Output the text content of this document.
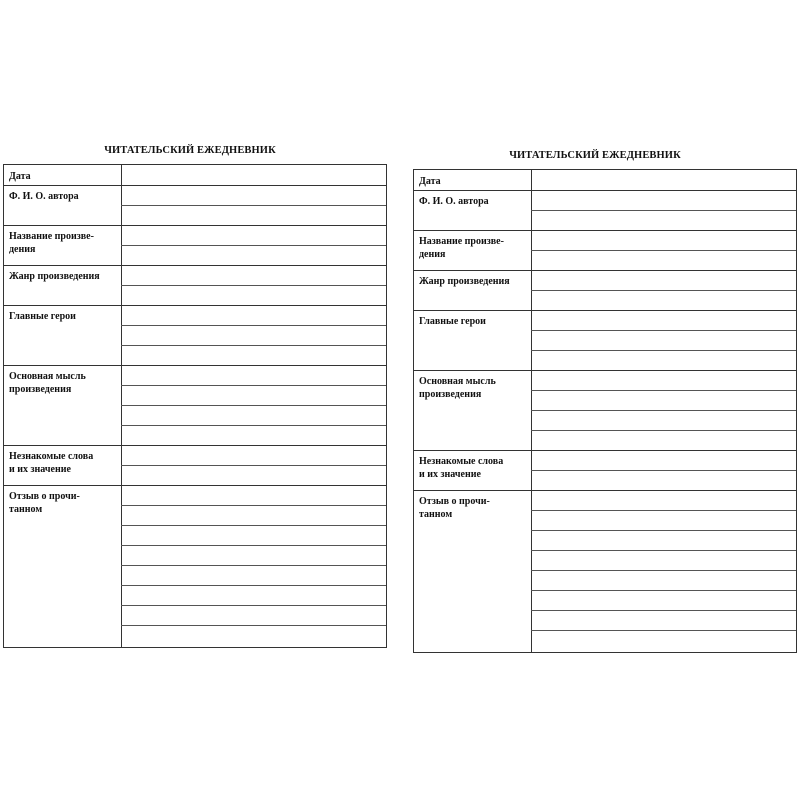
ЧИТАТЕЛЬСКИЙ ЕЖЕДНЕВНИК
Дата
Ф. И. О. автора
Название произве-
дения
Жанр произведения
Главные герои
Основная мысль
произведения
Незнакомые слова
и их значение
Отзыв о прочи-
танном
ЧИТАТЕЛЬСКИЙ ЕЖЕДНЕВНИК
Дата
Ф. И. О. автора
Название произве-
дения
Жанр произведения
Главные герои
Основная мысль
произведения
Незнакомые слова
и их значение
Отзыв о прочи-
танном
